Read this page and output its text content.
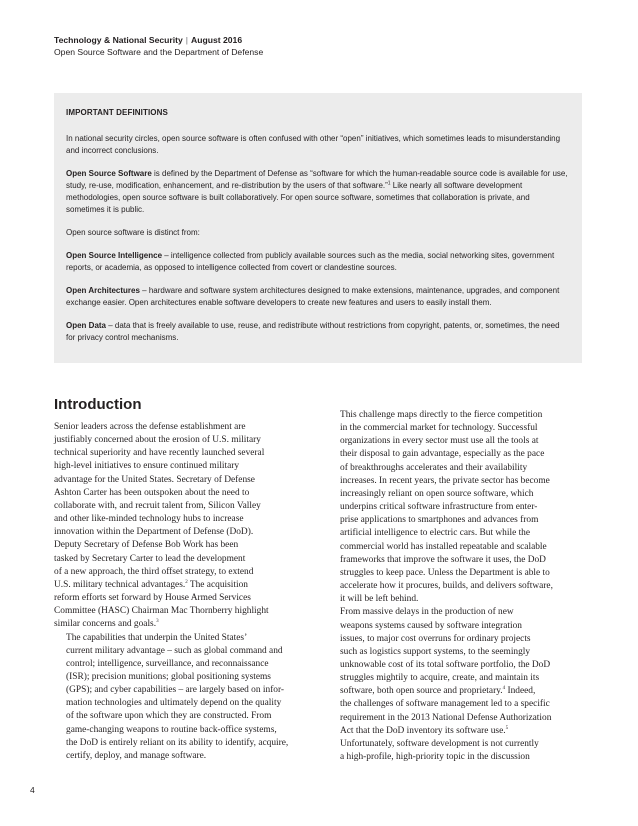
Technology & National Security | August 2016
Open Source Software and the Department of Defense
IMPORTANT DEFINITIONS

In national security circles, open source software is often confused with other “open” initiatives, which sometimes leads to misunderstanding and incorrect conclusions.

Open Source Software is defined by the Department of Defense as “software for which the human-readable source code is available for use, study, re-use, modification, enhancement, and re-distribution by the users of that software.”$^1$ Like nearly all software development methodologies, open source software is built collaboratively. For open source software, sometimes that collaboration is private, and sometimes it is public.

Open source software is distinct from:

Open Source Intelligence – intelligence collected from publicly available sources such as the media, social networking sites, government reports, or academia, as opposed to intelligence collected from covert or clandestine sources.

Open Architectures – hardware and software system architectures designed to make extensions, maintenance, upgrades, and component exchange easier. Open architectures enable software developers to create new features and users to easily install them.

Open Data – data that is freely available to use, reuse, and redistribute without restrictions from copyright, patents, or, sometimes, the need for privacy control mechanisms.

Introduction

Senior leaders across the defense establishment are
justifiably concerned about the erosion of U.S. military
technical superiority and have recently launched several
high-level initiatives to ensure continued military
advantage for the United States. Secretary of Defense
Ashton Carter has been outspoken about the need to
collaborate with, and recruit talent from, Silicon Valley
and other like-minded technology hubs to increase
innovation within the Department of Defense (DoD).
Deputy Secretary of Defense Bob Work has been
tasked by Secretary Carter to lead the development
of a new approach, the third offset strategy, to extend
U.S. military technical advantages.$^2$ The acquisition
reform efforts set forward by House Armed Services
Committee (HASC) Chairman Mac Thornberry highlight
similar concerns and goals.$^3$

The capabilities that underpin the United States’
current military advantage – such as global command and
control; intelligence, surveillance, and reconnaissance
(ISR); precision munitions; global positioning systems
(GPS); and cyber capabilities – are largely based on infor-
mation technologies and ultimately depend on the quality
of the software upon which they are constructed. From
game-changing weapons to routine back-office systems,
the DoD is entirely reliant on its ability to identify, acquire,
certify, deploy, and manage software.

This challenge maps directly to the fierce competition
in the commercial market for technology. Successful
organizations in every sector must use all the tools at
their disposal to gain advantage, especially as the pace
of breakthroughs accelerates and their availability
increases. In recent years, the private sector has become
increasingly reliant on open source software, which
underpins critical software infrastructure from enter-
prise applications to smartphones and advances from
artificial intelligence to electric cars. But while the
commercial world has installed repeatable and scalable
frameworks that improve the software it uses, the DoD
struggles to keep pace. Unless the Department is able to
accelerate how it procures, builds, and delivers software,
it will be left behind.

From massive delays in the production of new
weapons systems caused by software integration
issues, to major cost overruns for ordinary projects
such as logistics support systems, to the seemingly
unknowable cost of its total software portfolio, the DoD
struggles mightily to acquire, create, and maintain its
software, both open source and proprietary.$^4$ Indeed,
the challenges of software management led to a specific
requirement in the 2013 National Defense Authorization
Act that the DoD inventory its software use.$^5$

Unfortunately, software development is not currently
a high-profile, high-priority topic in the discussion

4
